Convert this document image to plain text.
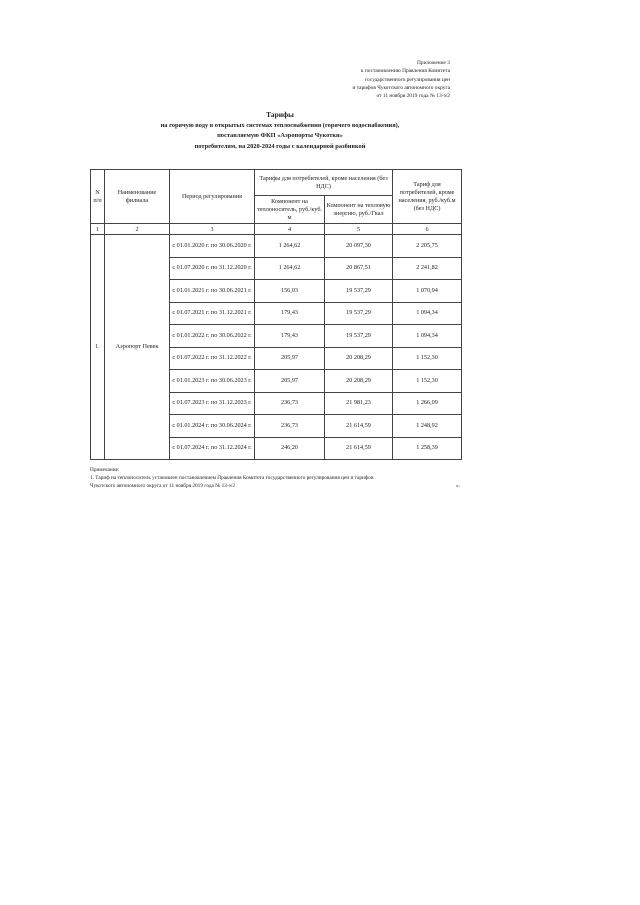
Приложение 3
к постановлению Правления Комитета
государственного регулирования цен
и тарифов Чукотского автономного округа
от 11 ноября 2019 года № 13-э/2
Тарифы
на горячую воду в открытых системах теплоснабжения (горячего водоснабжения),
поставляемую ФКП «Аэропорты Чукотки»
потребителям, на 2020-2024 годы с календарной разбивкой
N п/п	Наименование филиала	Период регулирования	Тарифы для потребителей, кроме населения (без НДС)		Тариф для потребителей, кроме населения, руб./куб.м (без НДС)
			Компонент на теплоноситель, руб./куб. м	Компонент на тепловую энергию, руб./Гкал	
1	2	3	4	5	6
1.	Аэропорт Певек	с 01.01.2020 г. по 30.06.2020 г.	1 264,62	20 097,30	2 205,75
		с 01.07.2020 г. по 31.12.2020 г.	1 264,62	20 867,51	2 241,82
		с 01.01.2021 г. по 30.06.2021 г.	156,03	19 537,29	1 070,94
		с 01.07.2021 г. по 31.12.2021 г.	179,43	19 537,29	1 094,34
		с 01.01.2022 г. по 30.06.2022 г.	179,43	19 537,29	1 094,34
		с 01.07.2022 г. по 31.12.2022 г.	205,97	20 208,29	1 152,30
		с 01.01.2023 г. по 30.06.2023 г.	205,97	20 208,29	1 152,30
		с 01.07.2023 г. по 31.12.2023 г.	236,73	21 981,23	1 266,09
		с 01.01.2024 г. по 30.06.2024 г.	236,73	21 614,59	1 248,92
		с 01.07.2024 г. по 31.12.2024 г.	246,20	21 614,59	1 258,39
Примечание:
1. Тариф на теплоноситель установлен постановлением Правления Комитета государственного регулирования цен и тарифов
Чукотского автономного округа от 11 ноября 2019 года № 13-э/2	».
